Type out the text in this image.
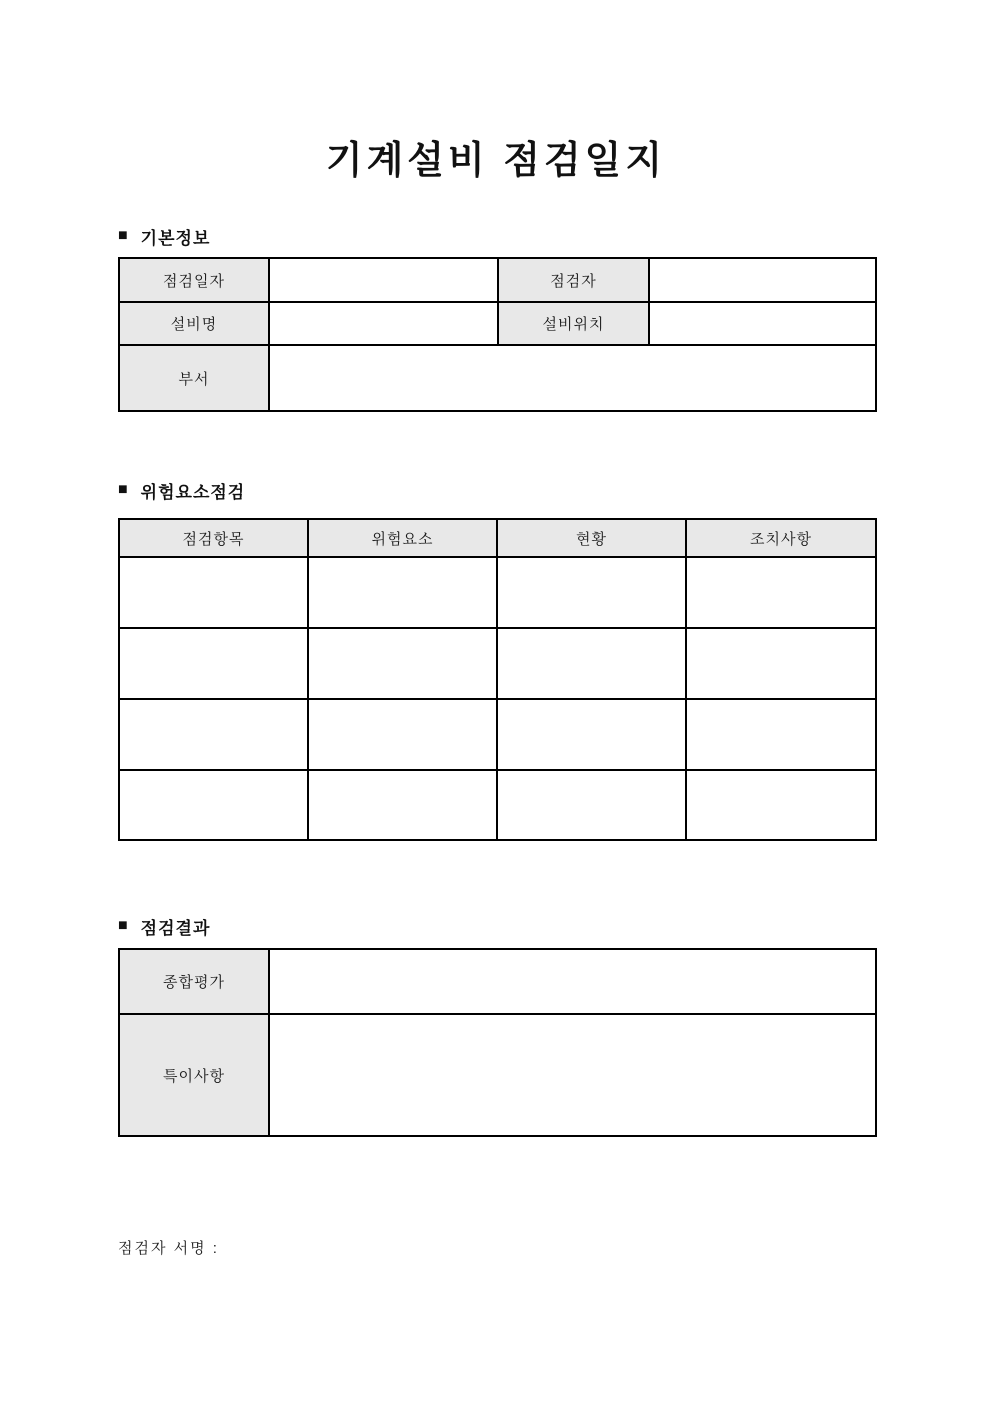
기계설비 점검일지
■ 기본정보
점검일자		점검자	
설비명		설비위치	
부서			
■ 위험요소점검
점검항목	위험요소	현황	조치사항

■ 점검결과
종합평가	
특이사항	
점검자 서명 :
